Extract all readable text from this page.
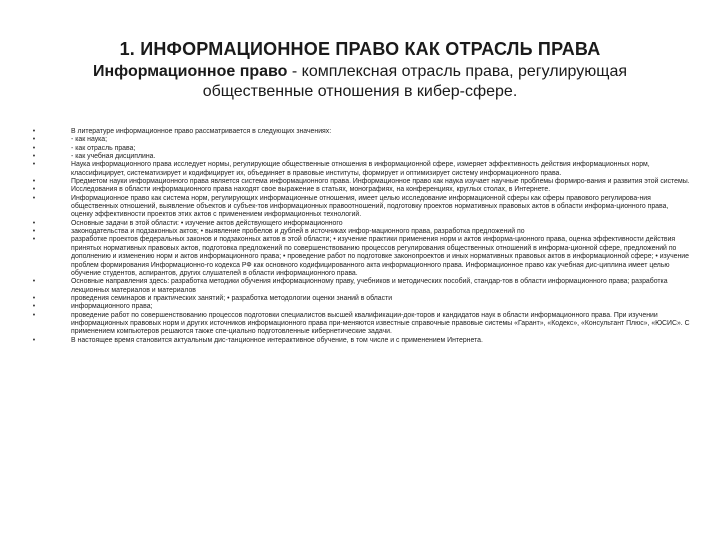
1. ИНФОРМАЦИОННОЕ ПРАВО КАК ОТРАСЛЬ ПРАВА
Информационное право - комплексная отрасль права, регулирующая общественные отношения в кибер-сфере.
•	В литературе информационное право рассматривается в следующих значениях:
•	- как наука;
•	- как отрасль права;
•	- как учебная дисциплина.
•	Наука информационного права исследует нормы, регулирующие общественные отношения в информационной сфере, измеряет эффективность действия информационных норм, классифицирует, систематизирует и кодифицирует их, объединяет в правовые институты, формирует и оптимизирует систему информационного права.
•	Предметом науки информационного права является система информационного права. Информационное право как наука изучает научные проблемы формиро-вания и развития этой системы.
•	Исследования в области информационного права находят свое выражение в статьях, монографиях, на конференциях, круглых столах, в Интернете.
•	Информационное право как система норм, регулирующих информационные отношения, имеет целью исследование информационной сферы как сферы правового регулирова-ния общественных отношений, выявление объектов и субъек-тов информационных правоотношений, подготовку проектов нормативных правовых актов в области информа-ционного права, оценку эффективности проектов этих актов с применением информационных технологий.
•	Основные задачи в этой области: • изучение актов действующего информационного
•	законодательства и подзаконных актов; • выявление пробелов и дублей в источниках инфор-мационного права, разработка предложений по
•	разработке проектов федеральных законов и подзаконных актов в этой области; • изучение практики применения норм и актов информа-ционного права, оценка эффективности действия принятых нормативных правовых актов, подготовка предложений по совершенствованию процессов регулирования общественных отношений в информа-ционной сфере, предложений по дополнению и изменению норм и актов информационного права; • проведение работ по подготовке законопроектов и иных нормативных правовых актов в информационной сфере; • изучение проблем формирования Информационно-го кодекса РФ как основного кодифицированного акта информационного права. Информационное право как учебная дис-циплина имеет целью обучение студентов, аспирантов, других слушателей в области информационного права.
•	Основные направления здесь: разработка методики обучения информационному праву, учебников и методических пособий, стандар-тов в области информационного права; разработка лекционных материалов и материалов
•	проведения семинаров и практических занятий; • разработка методологии оценки знаний в области
•	информационного права;
•	проведение работ по совершенствованию процессов подготовки специалистов высшей квалификации-док-торов и кандидатов наук в области информационного права. При изучении информационных правовых норм и других источников информационного права при-меняются известные справочные правовые системы «Гарант», «Кодекс», «Консультант Плюс», «ЮСИС». С применением компьютеров решаются также спе-циально подготовленные кибернетические задачи.
•	В настоящее время становится актуальным дис-танционное интерактивное обучение, в том числе и с применением Интернета.
